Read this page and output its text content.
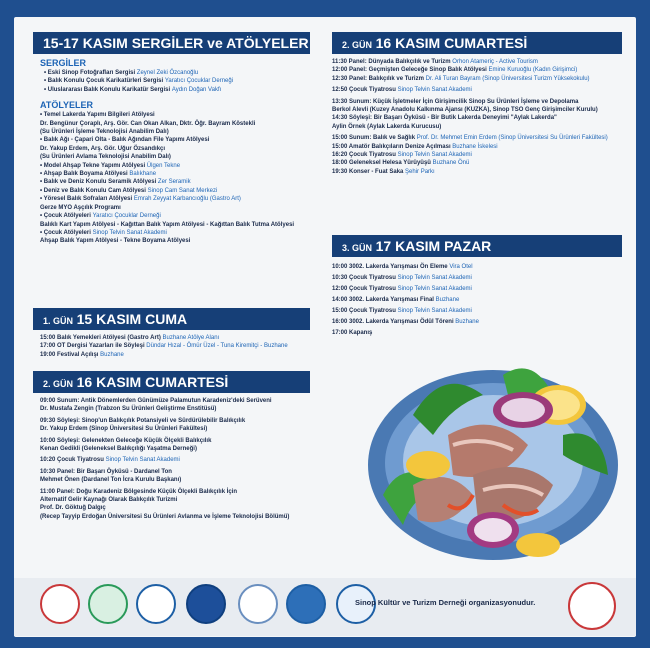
15-17 KASIM SERGİLER ve ATÖLYELER
SERGİLER
• Eski Sinop Fotoğrafları Sergisi Zeynel Zeki Özcanoğlu
• Balık Konulu Çocuk Karikatürleri Sergisi Yaratıcı Çocuklar Derneği
• Uluslararası Balık Konulu Karikatür Sergisi Aydın Doğan Vakfı
ATÖLYELER
• Temel Lakerda Yapımı Bilgileri Atölyesi
Dr. Bengünur Çoraplı, Arş. Gör. Can Okan Alkan, Dktr. Öğr. Bayram Köstekli
(Su Ürünleri İşleme Teknolojisi Anabilim Dalı)
• Balık Ağı - Çapari Olta - Balık Ağından File Yapımı Atölyesi
Dr. Yakup Erdem, Arş. Gör. Uğur Özsandıkçı
(Su Ürünleri Avlama Teknolojisi Anabilim Dalı)
• Model Ahşap Tekne Yapımı Atölyesi Ülgen Tekne
• Ahşap Balık Boyama Atölyesi Balıkhane
• Balık ve Deniz Konulu Seramik Atölyesi Zer Seramik
• Deniz ve Balık Konulu Cam Atölyesi Sinop Cam Sanat Merkezi
• Yöresel Balık Sofraları Atölyesi Emrah Zeyyat Karbancıoğlu (Gastro Art)
Gerze MYO Aşçılık Programı
• Çocuk Atölyeleri Yaratıcı Çocuklar Derneği
Balıklı Kart Yapım Atölyesi - Kağıttan Balık Yapım Atölyesi - Kağıttan Balık Tutma Atölyesi
• Çocuk Atölyeleri Sinop Telvin Sanat Akademi
Ahşap Balık Yapım Atölyesi - Tekne Boyama Atölyesi
1. GÜN 15 KASIM CUMA
15:00 Balık Yemekleri Atölyesi (Gastro Art) Buzhane Atölye Alanı
17:00 OT Dergisi Yazarları ile Söyleşi Dündar Hızal - Ömür Üzel - Tuna Kiremitçi - Buzhane
19:00 Festival Açılışı Buzhane
2. GÜN 16 KASIM CUMARTESİ
09:00 Sunum: Antik Dönemlerden Günümüze Palamutun Karadeniz'deki Serüveni
Dr. Mustafa Zengin (Trabzon Su Ürünleri Geliştirme Enstitüsü)
09:30 Söyleşi: Sinop'un Balıkçılık Potansiyeli ve Sürdürülebilir Balıkçılık
Dr. Yakup Erdem (Sinop Üniversitesi Su Ürünleri Fakültesi)
10:00 Söyleşi: Gelenekten Geleceğe Küçük Ölçekli Balıkçılık
Kenan Gedikli (Geleneksel Balıkçılığı Yaşatma Derneği)
10:20 Çocuk Tiyatrosu Sinop Telvin Sanat Akademi
10:30 Panel: Bir Başarı Öyküsü - Dardanel Ton
Mehmet Önen (Dardanel Ton İcra Kurulu Başkanı)
11:00 Panel: Doğu Karadeniz Bölgesinde Küçük Ölçekli Balıkçılık İçin
Alternatif Gelir Kaynağı Olarak Balıkçılık Turizmi
Prof. Dr. Göktuğ Dalgıç
(Recep Tayyip Erdoğan Üniversitesi Su Ürünleri Avlanma ve İşleme Teknolojisi Bölümü)
2. GÜN 16 KASIM CUMARTESİ
11:30 Panel: Dünyada Balıkçılık ve Turizm Orhon Atameriç - Active Tourism
12:00 Panel: Geçmişten Geleceğe Sinop Balık Atölyesi Emine Kuruoğlu (Kadın Girişimci)
12:30 Panel: Balıkçılık ve Turizm Dr. Ali Turan Bayram (Sinop Üniversitesi Turizm Yüksekokulu)
12:50 Çocuk Tiyatrosu Sinop Telvin Sanat Akademi
13:30 Sunum: Küçük İşletmeler İçin Girişimcilik Sinop Su Ürünleri İşleme ve Depolama
Berkol Alevli (Kuzey Anadolu Kalkınma Ajansı (KUZKA), Sinop TSO Genç Girişimciler Kurulu)
14:30 Söyleşi: Bir Başarı Öyküsü - Bir Butik Lakerda Deneyimi "Aylak Lakerda"
Aylin Örnek (Aylak Lakerda Kurucusu)
15:00 Sunum: Balık ve Sağlık Prof. Dr. Mehmet Emin Erdem (Sinop Üniversitesi Su Ürünleri Fakültesi)
15:00 Amatör Balıkçıların Denize Açılması Buzhane İskelesi
16:20 Çocuk Tiyatrosu Sinop Telvin Sanat Akademi
18:00 Geleneksel Helesa Yürüyüşü Buzhane Önü
19:30 Konser - Fuat Saka Şehir Parkı
3. GÜN 17 KASIM PAZAR
10:00 3002. Lakerda Yarışması Ön Eleme Vira Otel
10:30 Çocuk Tiyatrosu Sinop Telvin Sanat Akademi
12:00 Çocuk Tiyatrosu Sinop Telvin Sanat Akademi
14:00 3002. Lakerda Yarışması Final Buzhane
15:00 Çocuk Tiyatrosu Sinop Telvin Sanat Akademi
16:00 3002. Lakerda Yarışması Ödül Töreni Buzhane
17:00 Kapanış
Sinop Kültür ve Turizm Derneği organizasyonudur.
